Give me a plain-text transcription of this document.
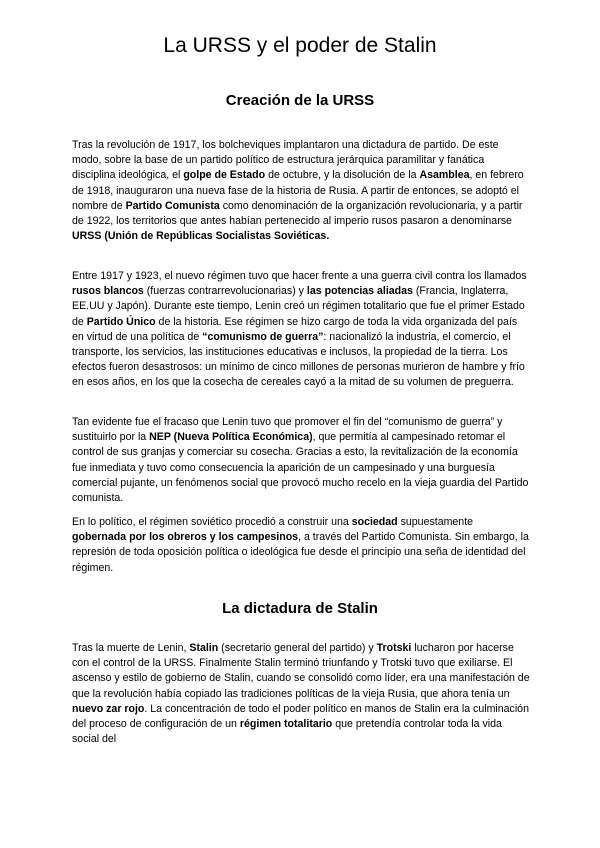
La URSS y el poder de Stalin
Creación de la URSS

Tras la revolución de 1917, los bolcheviques implantaron una dictadura de partido. De este modo, sobre la base de un partido político de estructura jerárquica paramilitar y fanática disciplina ideológica, el golpe de Estado de octubre, y la disolución de la Asamblea, en febrero de 1918, inauguraron una nueva fase de la historia de Rusia. A partir de entonces, se adoptó el nombre de Partido Comunista como denominación de la organización revolucionaria, y a partir de 1922, los territorios que antes habían pertenecido al imperio rusos pasaron a denominarse URSS (Unión de Repúblicas Socialistas Soviéticas.

Entre 1917 y 1923, el nuevo régimen tuvo que hacer frente a una guerra civil contra los llamados rusos blancos (fuerzas contrarrevolucionarias) y las potencias aliadas (Francia, Inglaterra, EE.UU y Japón). Durante este tiempo, Lenin creó un régimen totalitario que fue el primer Estado de Partido Único de la historia. Ese régimen se hizo cargo de toda la vida organizada del país en virtud de una política de “comunismo de guerra”: nacionalizó la industria, el comercio, el transporte, los servicios, las instituciones educativas e inclusos, la propiedad de la tierra. Los efectos fueron desastrosos: un mínimo de cinco millones de personas murieron de hambre y frío en esos años, en los que la cosecha de cereales cayó a la mitad de su volumen de preguerra.

Tan evidente fue el fracaso que Lenin tuvo que promover el fin del “comunismo de guerra” y sustituirlo por la NEP (Nueva Política Económica), que permitía al campesinado retomar el control de sus granjas y comerciar su cosecha. Gracias a esto, la revitalización de la economía fue inmediata y tuvo como consecuencia la aparición de un campesinado y una burguesía comercial pujante, un fenómenos social que provocó mucho recelo en la vieja guardia del Partido comunista.

En lo político, el régimen soviético procedió a construir una sociedad supuestamente gobernada por los obreros y los campesinos, a través del Partido Comunista. Sin embargo, la represión de toda oposición política o ideológica fue desde el principio una seña de identidad del régimen.

La dictadura de Stalin

Tras la muerte de Lenin, Stalin (secretario general del partido) y Trotski lucharon por hacerse con el control de la URSS. Finalmente Stalin terminó triunfando y Trotski tuvo que exiliarse. El ascenso y estilo de gobierno de Stalin, cuando se consolidó como líder, era una manifestación de que la revolución había copiado las tradiciones políticas de la vieja Rusia, que ahora tenía un nuevo zar rojo. La concentración de todo el poder político en manos de Stalin era la culminación del proceso de configuración de un régimen totalitario que pretendía controlar toda la vida social del
